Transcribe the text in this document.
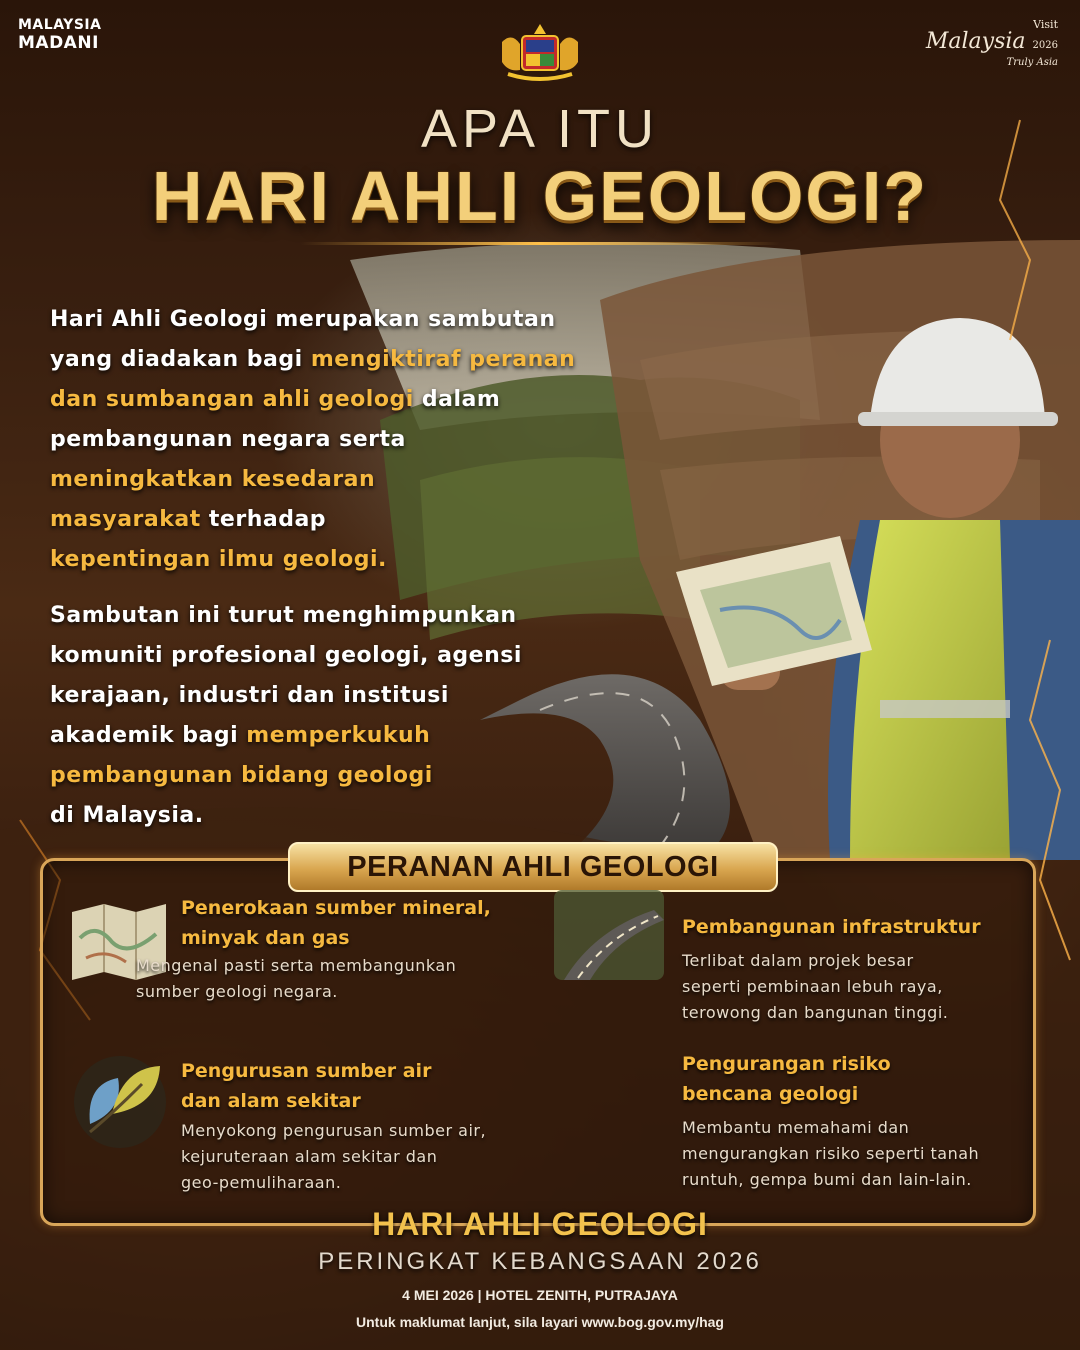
MALAYSIA
MADANI
Visit
Malaysia 2026
Truly Asia
APA ITU
HARI AHLI GEOLOGI?
Hari Ahli Geologi merupakan sambutan
yang diadakan bagi mengiktiraf peranan
dan sumbangan ahli geologi dalam
pembangunan negara serta
meningkatkan kesedaran
masyarakat terhadap
kepentingan ilmu geologi.
Sambutan ini turut menghimpunkan
komuniti profesional geologi, agensi
kerajaan, industri dan institusi
akademik bagi memperkukuh
pembangunan bidang geologi
di Malaysia.
PERANAN AHLI GEOLOGI
Penerokaan sumber mineral,
minyak dan gas
Mengenal pasti serta membangunkan
sumber geologi negara.
Pembangunan infrastruktur
Terlibat dalam projek besar
seperti pembinaan lebuh raya,
terowong dan bangunan tinggi.
Pengurusan sumber air
dan alam sekitar
Menyokong pengurusan sumber air,
kejuruteraan alam sekitar dan
geo-pemuliharaan.
Pengurangan risiko
bencana geologi
Membantu memahami dan
mengurangkan risiko seperti tanah
runtuh, gempa bumi dan lain-lain.
HARI AHLI GEOLOGI
PERINGKAT KEBANGSAAN 2026
4 MEI 2026 | HOTEL ZENITH, PUTRAJAYA
Untuk maklumat lanjut, sila layari www.bog.gov.my/hag
